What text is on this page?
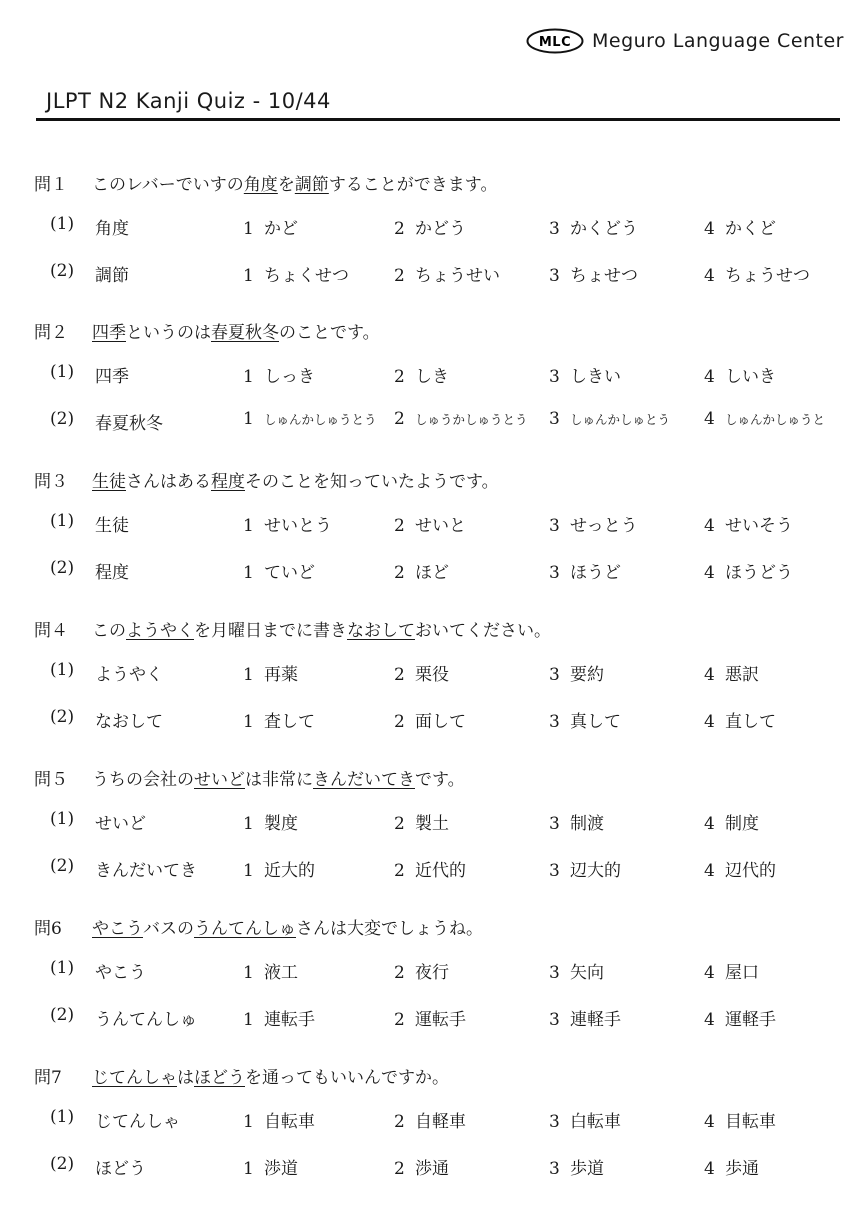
MLC Meguro Language Center
JLPT N2 Kanji Quiz - 10/44
問１	このレバーでいすの角度を調節することができます。
(1) 角度	1 かど	2 かどう	3 かくどう	4 かくど
(2) 調節	1 ちょくせつ	2 ちょうせい	3 ちょせつ	4 ちょうせつ
問２	四季というのは春夏秋冬のことです。
(1) 四季	1 しっき	2 しき	3 しきい	4 しいき
(2) 春夏秋冬	1 しゅんかしゅうとう	2 しゅうかしゅうとう	3 しゅんかしゅとう	4 しゅんかしゅうと
問３	生徒さんはある程度そのことを知っていたようです。
(1) 生徒	1 せいとう	2 せいと	3 せっとう	4 せいそう
(2) 程度	1 ていど	2 ほど	3 ほうど	4 ほうどう
問４	このようやくを月曜日までに書きなおしておいてください。
(1) ようやく	1 再薬	2 栗役	3 要約	4 悪訳
(2) なおして	1 査して	2 面して	3 真して	4 直して
問５	うちの会社のせいどは非常にきんだいてきです。
(1) せいど	1 製度	2 製土	3 制渡	4 制度
(2) きんだいてき	1 近大的	2 近代的	3 辺大的	4 辺代的
問6	やこうバスのうんてんしゅさんは大変でしょうね。
(1) やこう	1 液工	2 夜行	3 矢向	4 屋口
(2) うんてんしゅ	1 連転手	2 運転手	3 連軽手	4 運軽手
問7	じてんしゃはほどうを通ってもいいんですか。
(1) じてんしゃ	1 自転車	2 自軽車	3 白転車	4 目転車
(2) ほどう	1 渉道	2 渉通	3 歩道	4 歩通
